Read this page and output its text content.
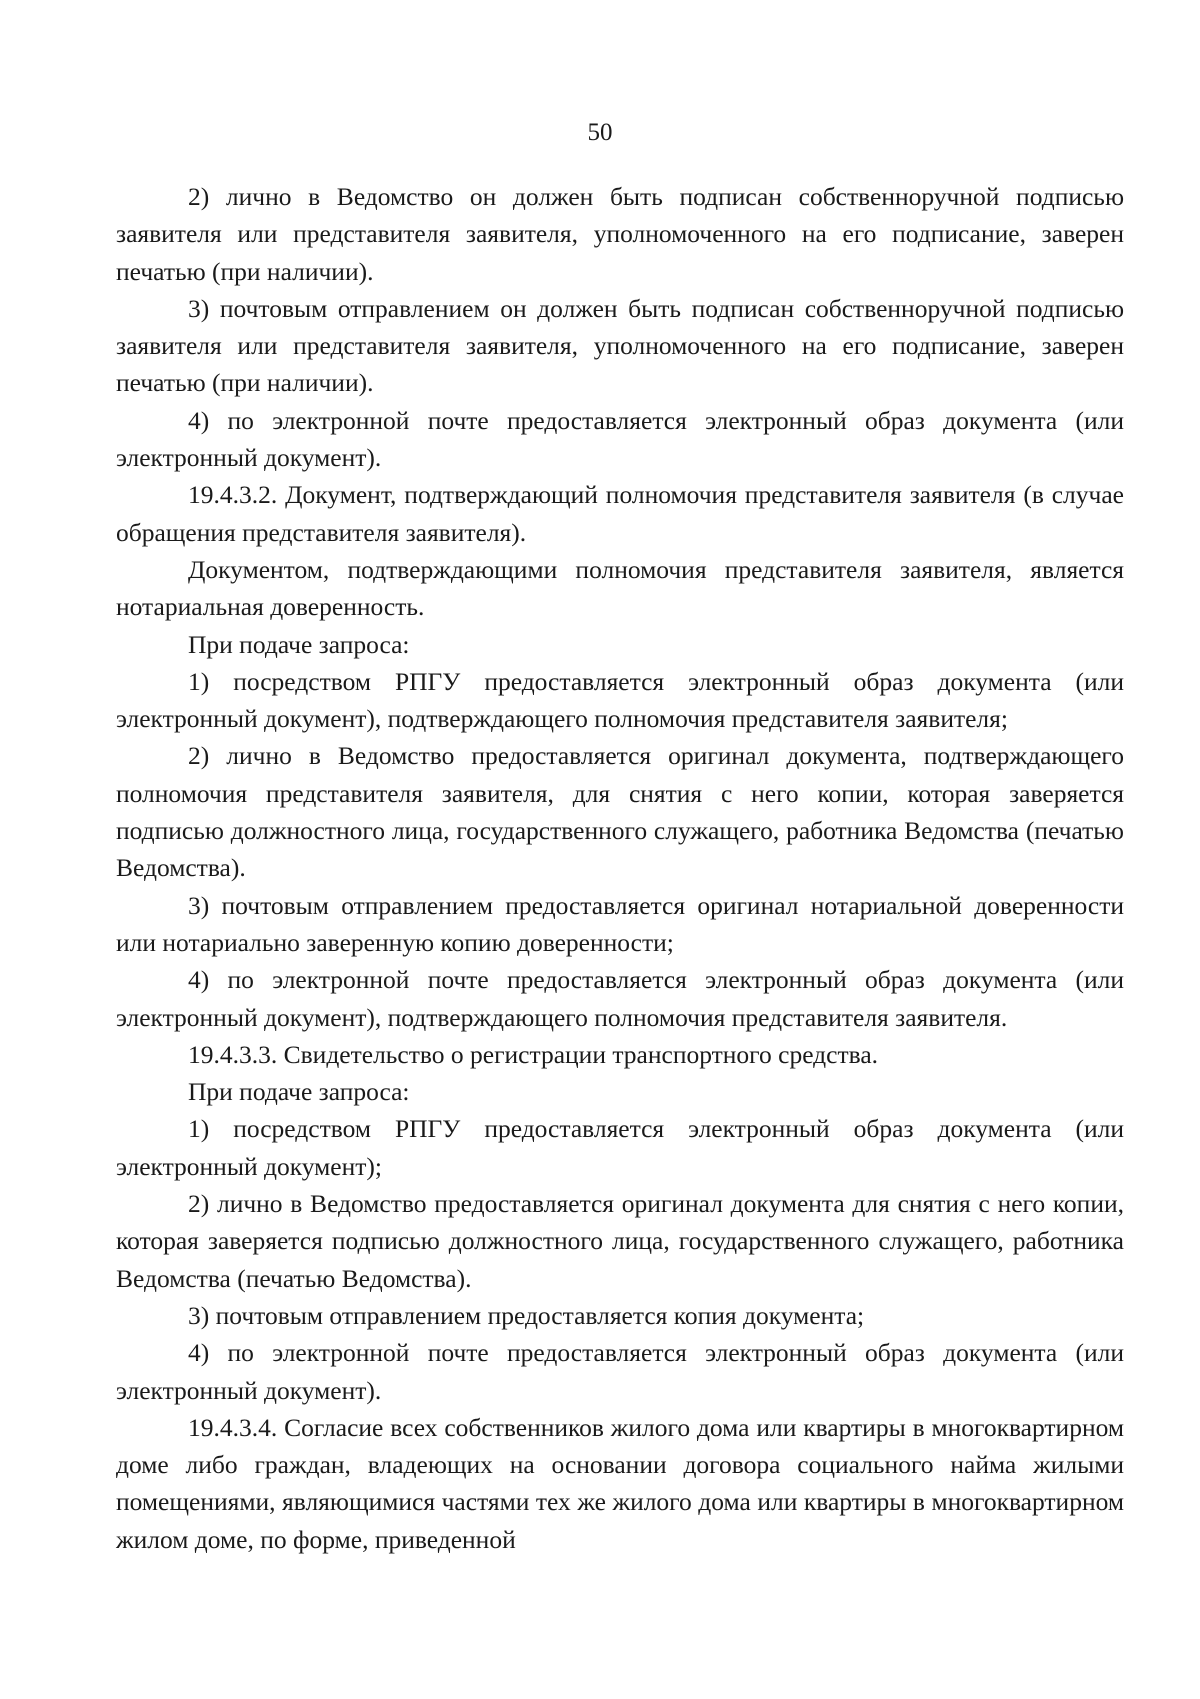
50

2) лично в Ведомство он должен быть подписан собственноручной подписью заявителя или представителя заявителя, уполномоченного на его подписание, заверен печатью (при наличии).

3) почтовым отправлением он должен быть подписан собственноручной подписью заявителя или представителя заявителя, уполномоченного на его подписание, заверен печатью (при наличии).

4) по электронной почте предоставляется электронный образ документа (или электронный документ).

19.4.3.2. Документ, подтверждающий полномочия представителя заявителя (в случае обращения представителя заявителя).

Документом, подтверждающими полномочия представителя заявителя, является нотариальная доверенность.

При подаче запроса:

1) посредством РПГУ предоставляется электронный образ документа (или электронный документ), подтверждающего полномочия представителя заявителя;

2) лично в Ведомство предоставляется оригинал документа, подтверждающего полномочия представителя заявителя, для снятия с него копии, которая заверяется подписью должностного лица, государственного служащего, работника Ведомства (печатью Ведомства).

3) почтовым отправлением предоставляется оригинал нотариальной доверенности или нотариально заверенную копию доверенности;

4) по электронной почте предоставляется электронный образ документа (или электронный документ), подтверждающего полномочия представителя заявителя.

19.4.3.3. Свидетельство о регистрации транспортного средства.

При подаче запроса:

1) посредством РПГУ предоставляется электронный образ документа (или электронный документ);

2) лично в Ведомство предоставляется оригинал документа для снятия с него копии, которая заверяется подписью должностного лица, государственного служащего, работника Ведомства (печатью Ведомства).

3) почтовым отправлением предоставляется копия документа;

4) по электронной почте предоставляется электронный образ документа (или электронный документ).

19.4.3.4. Согласие всех собственников жилого дома или квартиры в многоквартирном доме либо граждан, владеющих на основании договора социального найма жилыми помещениями, являющимися частями тех же жилого дома или квартиры в многоквартирном жилом доме, по форме, приведенной
